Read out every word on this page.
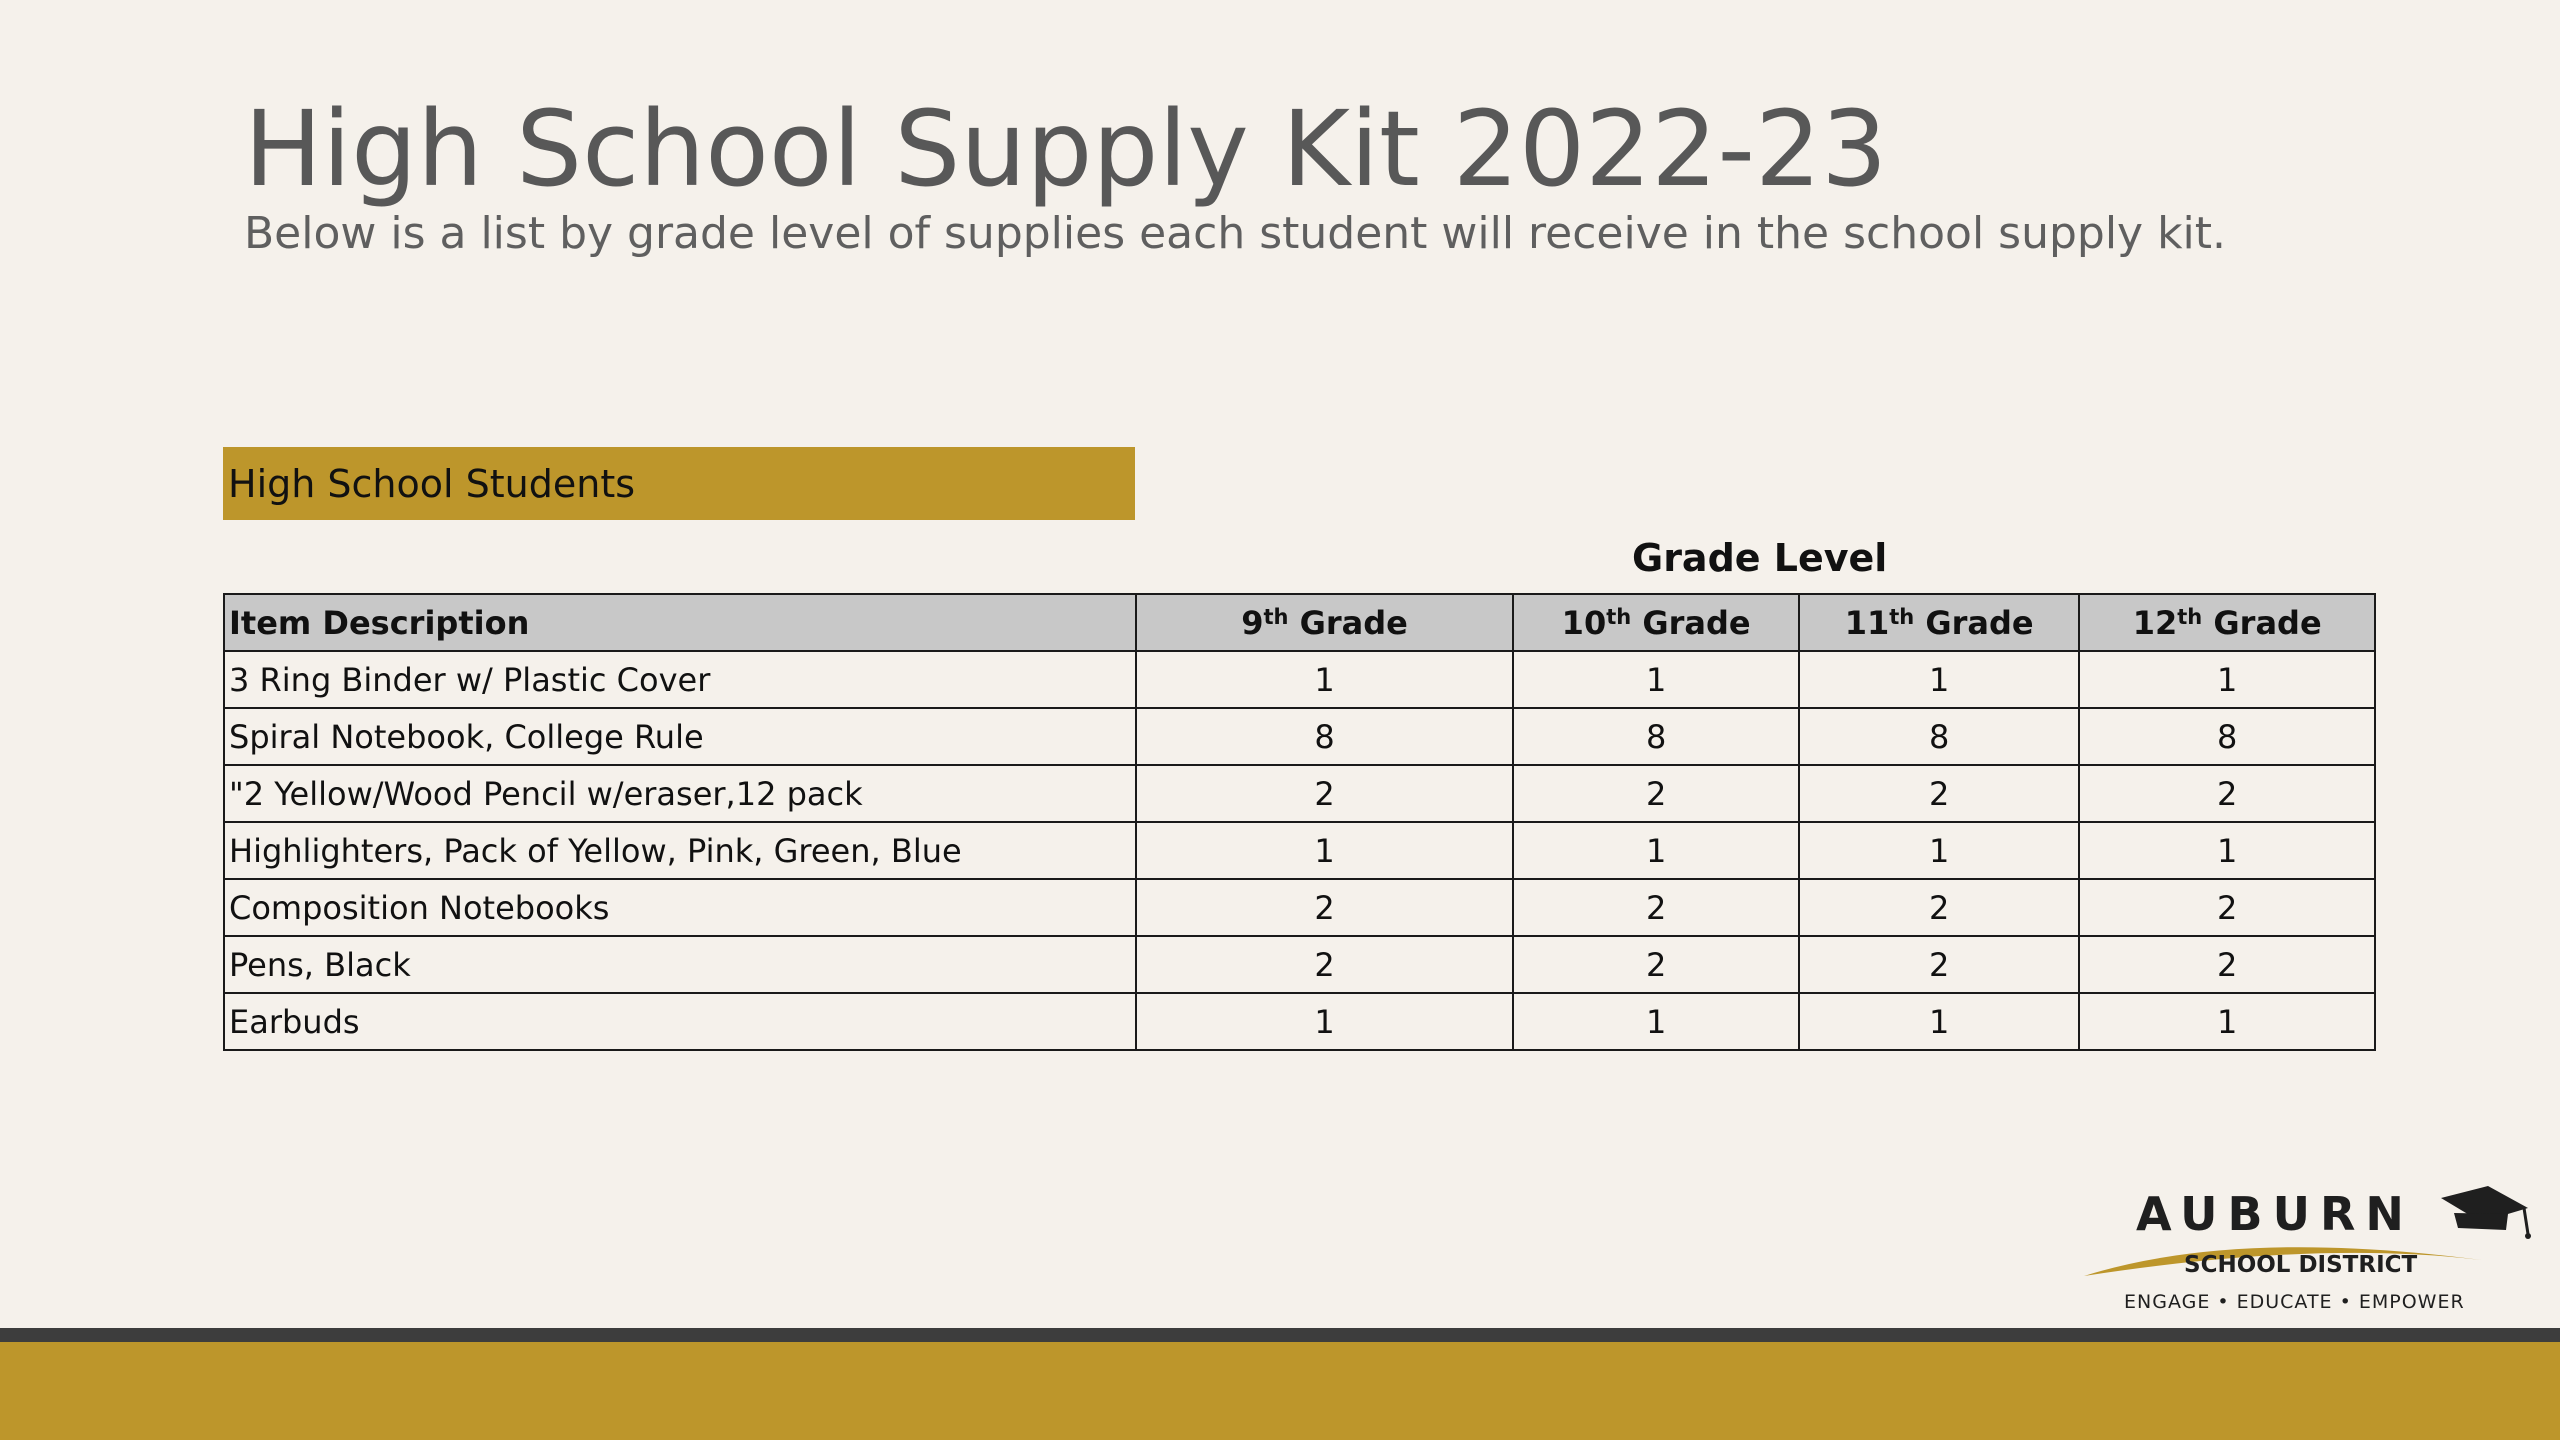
High School Supply Kit 2022-23
Below is a list by grade level of supplies each student will receive in the school supply kit.
High School Students
Grade Level
Item Description	9th Grade	10th Grade	11th Grade	12th Grade
3 Ring Binder w/ Plastic Cover	1	1	1	1
Spiral Notebook, College Rule	8	8	8	8
"2 Yellow/Wood Pencil w/eraser,12 pack	2	2	2	2
Highlighters, Pack of Yellow, Pink, Green, Blue	1	1	1	1
Composition Notebooks	2	2	2	2
Pens, Black	2	2	2	2
Earbuds	1	1	1	1
AUBURN
SCHOOL DISTRICT
ENGAGE • EDUCATE • EMPOWER
